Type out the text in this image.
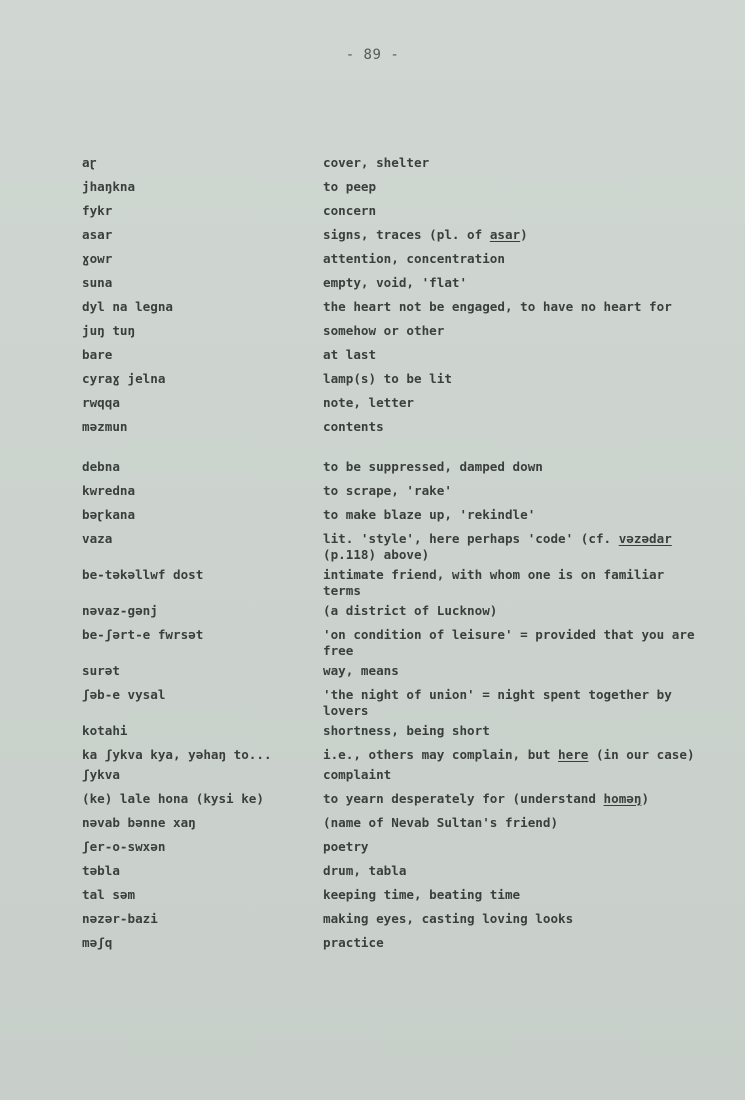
- 89 -
aɽ	cover, shelter
jhaŋkna	to peep
fykr	concern
asar	signs, traces (pl. of asar)
ɣowr	attention, concentration
suna	empty, void, 'flat'
dyl na legna	the heart not be engaged, to have no heart for
juŋ tuŋ	somehow or other
bare	at last
cyraɣ jelna	lamp(s) to be lit
rwqqa	note, letter
məzmun	contents
debna	to be suppressed, damped down
kwredna	to scrape, 'rake'
bəɽkana	to make blaze up, 'rekindle'
vaza	lit. 'style', here perhaps 'code' (cf. vəzədar (p.118) above)
be-təkəllwf dost	intimate friend, with whom one is on familiar terms
nəvaz-gənj	(a district of Lucknow)
be-ʃərt-e fwrsət	'on condition of leisure' = provided that you are free
surət	way, means
ʃəb-e vysal	'the night of union' = night spent together by lovers
kotahi	shortness, being short
ka ʃykva kya, yəhaŋ to...	i.e., others may complain, but here (in our case)
ʃykva	complaint
(ke) lale hona (kysi ke)	to yearn desperately for (understand homəŋ)
nəvab bənne xaŋ	(name of Nevab Sultan's friend)
ʃer-o-swxən	poetry
təbla	drum, tabla
tal səm	keeping time, beating time
nəzər-bazi	making eyes, casting loving looks
məʃq	practice
